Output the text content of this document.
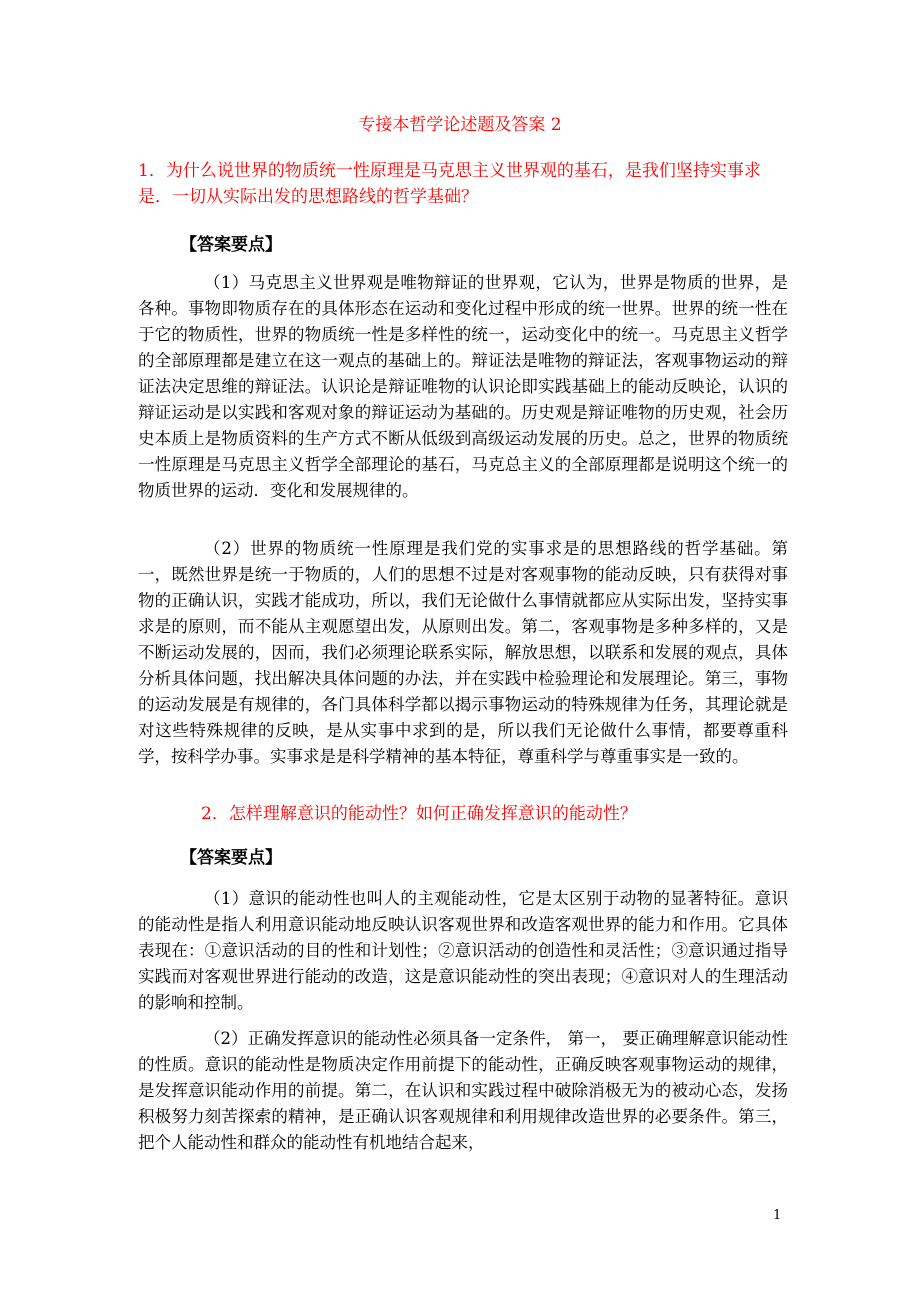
专接本哲学论述题及答案 2

1．为什么说世界的物质统一性原理是马克思主义世界观的基石，是我们坚持实事求是．一切从实际出发的思想路线的哲学基础？

【答案要点】

（1）马克思主义世界观是唯物辩证的世界观，它认为，世界是物质的世界，是各种。事物即物质存在的具体形态在运动和变化过程中形成的统一世界。世界的统一性在于它的物质性，世界的物质统一性是多样性的统一，运动变化中的统一。马克思主义哲学的全部原理都是建立在这一观点的基础上的。辩证法是唯物的辩证法，客观事物运动的辩证法决定思维的辩证法。认识论是辩证唯物的认识论即实践基础上的能动反映论，认识的辩证运动是以实践和客观对象的辩证运动为基础的。历史观是辩证唯物的历史观，社会历史本质上是物质资料的生产方式不断从低级到高级运动发展的历史。总之，世界的物质统一性原理是马克思主义哲学全部理论的基石，马克总主义的全部原理都是说明这个统一的物质世界的运动．变化和发展规律的。

（2）世界的物质统一性原理是我们党的实事求是的思想路线的哲学基础。第一，既然世界是统一于物质的，人们的思想不过是对客观事物的能动反映，只有获得对事物的正确认识，实践才能成功，所以，我们无论做什么事情就都应从实际出发，坚持实事求是的原则，而不能从主观愿望出发，从原则出发。第二，客观事物是多种多样的，又是不断运动发展的，因而，我们必须理论联系实际，解放思想，以联系和发展的观点，具体分析具体问题，找出解决具体问题的办法，并在实践中检验理论和发展理论。第三，事物的运动发展是有规律的，各门具体科学都以揭示事物运动的特殊规律为任务，其理论就是对这些特殊规律的反映，是从实事中求到的是，所以我们无论做什么事情，都要尊重科学，按科学办事。实事求是是科学精神的基本特征，尊重科学与尊重事实是一致的。

2．怎样理解意识的能动性？如何正确发挥意识的能动性？

【答案要点】

（1）意识的能动性也叫人的主观能动性，它是太区别于动物的显著特征。意识的能动性是指人利用意识能动地反映认识客观世界和改造客观世界的能力和作用。它具体表现在：①意识活动的目的性和计划性；②意识活动的创造性和灵活性；③意识通过指导实践而对客观世界进行能动的改造，这是意识能动性的突出表现；④意识对人的生理活动的影响和控制。

（2）正确发挥意识的能动性必须具备一定条件， 第一， 要正确理解意识能动性的性质。意识的能动性是物质决定作用前提下的能动性，正确反映客观事物运动的规律，是发挥意识能动作用的前提。第二，在认识和实践过程中破除消极无为的被动心态，发扬积极努力刻苦探索的精神，是正确认识客观规律和利用规律改造世界的必要条件。第三，把个人能动性和群众的能动性有机地结合起来，

1
